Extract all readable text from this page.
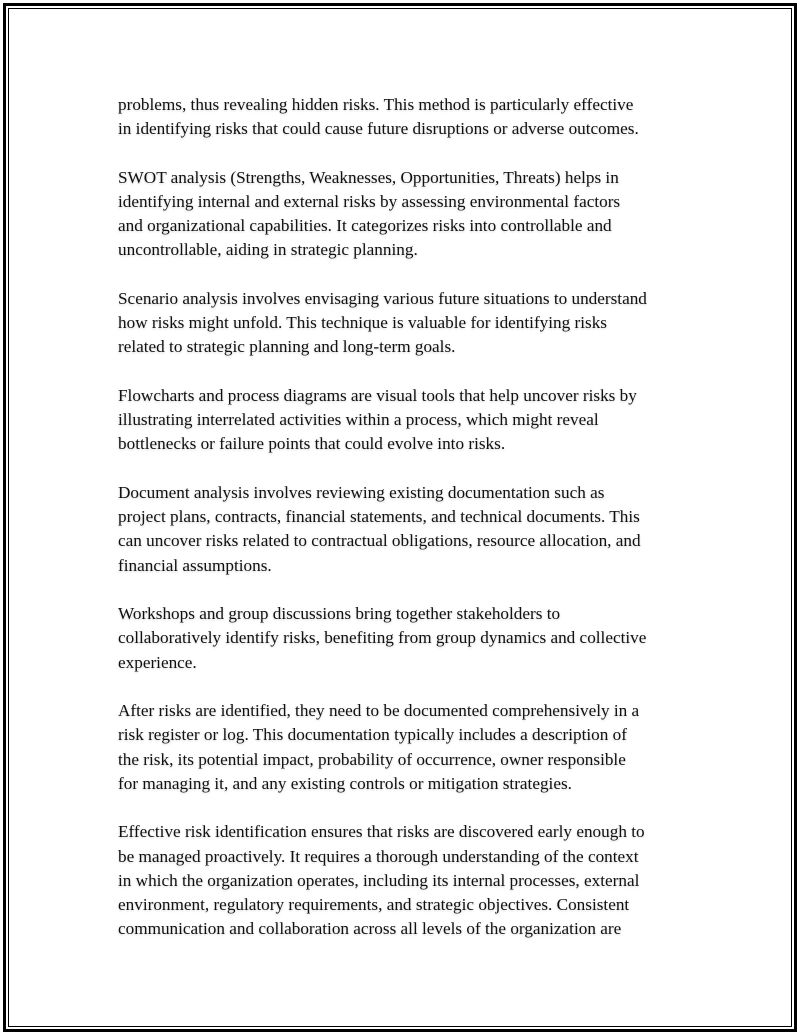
problems, thus revealing hidden risks. This method is particularly effective
in identifying risks that could cause future disruptions or adverse outcomes.

SWOT analysis (Strengths, Weaknesses, Opportunities, Threats) helps in
identifying internal and external risks by assessing environmental factors
and organizational capabilities. It categorizes risks into controllable and
uncontrollable, aiding in strategic planning.

Scenario analysis involves envisaging various future situations to understand
how risks might unfold. This technique is valuable for identifying risks
related to strategic planning and long-term goals.

Flowcharts and process diagrams are visual tools that help uncover risks by
illustrating interrelated activities within a process, which might reveal
bottlenecks or failure points that could evolve into risks.

Document analysis involves reviewing existing documentation such as
project plans, contracts, financial statements, and technical documents. This
can uncover risks related to contractual obligations, resource allocation, and
financial assumptions.

Workshops and group discussions bring together stakeholders to
collaboratively identify risks, benefiting from group dynamics and collective
experience.

After risks are identified, they need to be documented comprehensively in a
risk register or log. This documentation typically includes a description of
the risk, its potential impact, probability of occurrence, owner responsible
for managing it, and any existing controls or mitigation strategies.

Effective risk identification ensures that risks are discovered early enough to
be managed proactively. It requires a thorough understanding of the context
in which the organization operates, including its internal processes, external
environment, regulatory requirements, and strategic objectives. Consistent
communication and collaboration across all levels of the organization are
